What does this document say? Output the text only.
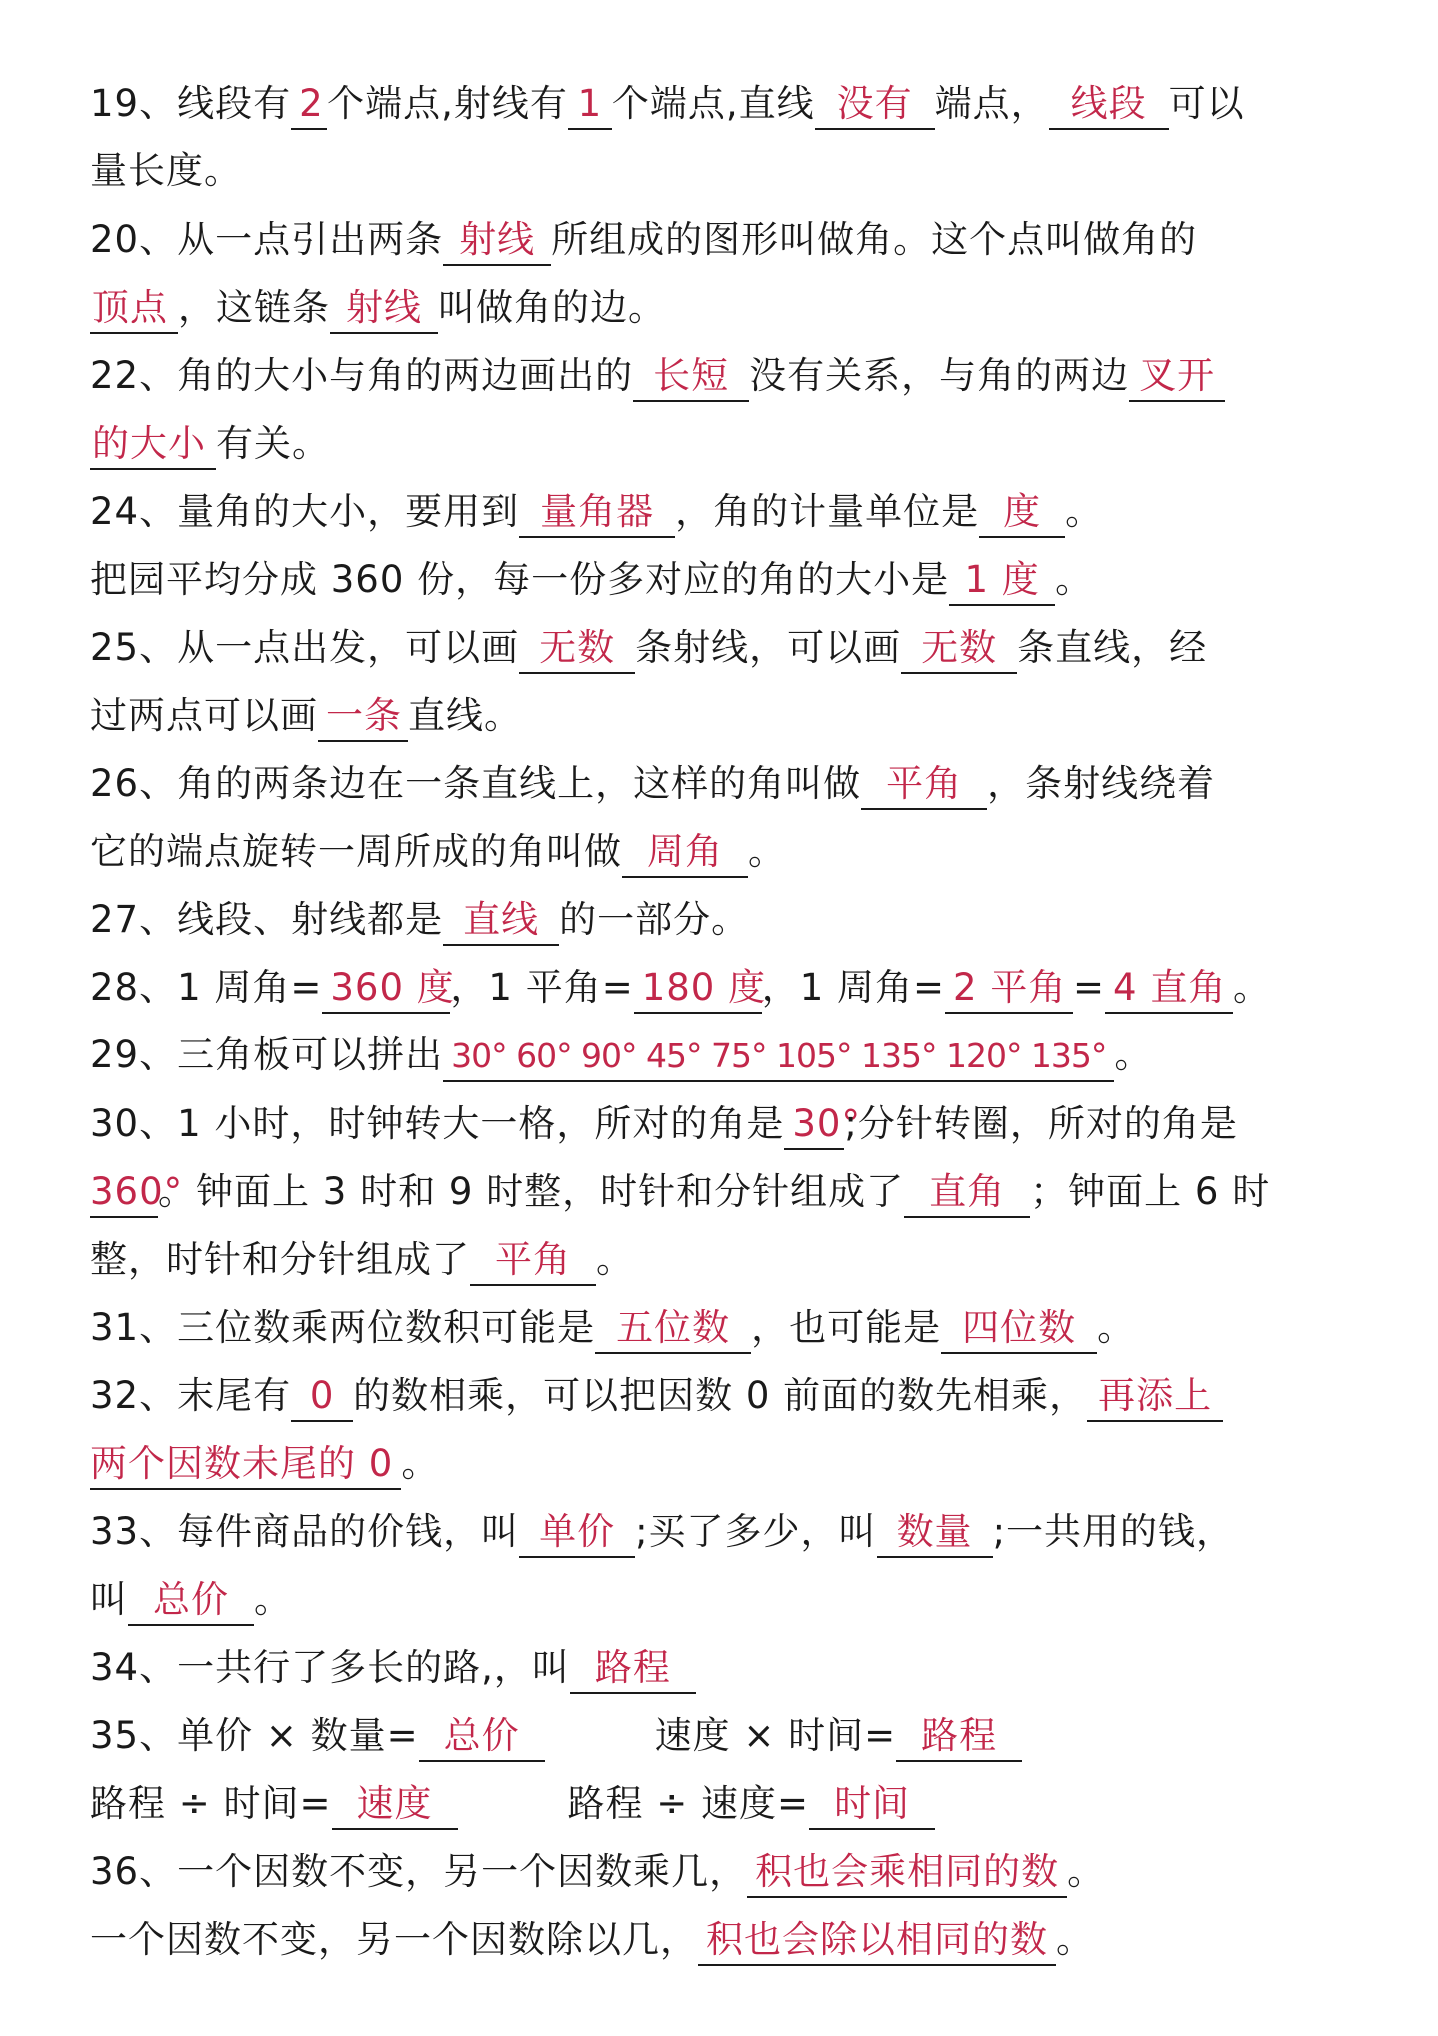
19、线段有 2个端点,射线有 1 个端点,直线 没有 端点， 线段 可以
量长度。
20、从一点引出两条 射线 所组成的图形叫做角。这个点叫做角的
顶点 ，这链条 射线 叫做角的边。
22、角的大小与角的两边画出的 长短 没有关系，与角的两边 叉开
的大小 有关。
24、量角的大小，要用到 量角器 ，角的计量单位是 度 。
把园平均分成 360 份，每一份多对应的角的大小是 1 度 。
25、从一点出发，可以画 无数 条射线，可以画 无数 条直线，经
过两点可以画 一条 直线。
26、角的两条边在一条直线上，这样的角叫做 平角 ，条射线绕着
它的端点旋转一周所成的角叫做 周角 。
27、线段、射线都是 直线 的一部分。
28、1 周角= 360 度，1 平角= 180 度，1 周角= 2 平角 = 4 直角 。
29、三角板可以拼出 30° 60° 90° 45° 75° 105° 135° 120° 135° 。
30、1 小时，时钟转大一格，所对的角是 30°;分针转圈，所对的角是
360°。钟面上 3 时和 9 时整，时针和分针组成了 直角 ；钟面上 6 时
整，时针和分针组成了 平角 。
31、三位数乘两位数积可能是 五位数 ，也可能是 四位数 。
32、末尾有 0 的数相乘，可以把因数 0 前面的数先相乘， 再添上
两个因数未尾的 0 。
33、每件商品的价钱，叫 单价 ;买了多少，叫 数量 ;一共用的钱，
叫 总价 。
34、一共行了多长的路,，叫 路程
35、单价 × 数量= 总价	速度 × 时间= 路程
路程 ÷ 时间= 速度	路程 ÷ 速度= 时间
36、一个因数不变，另一个因数乘几， 积也会乘相同的数 。
一个因数不变，另一个因数除以几， 积也会除以相同的数 。
